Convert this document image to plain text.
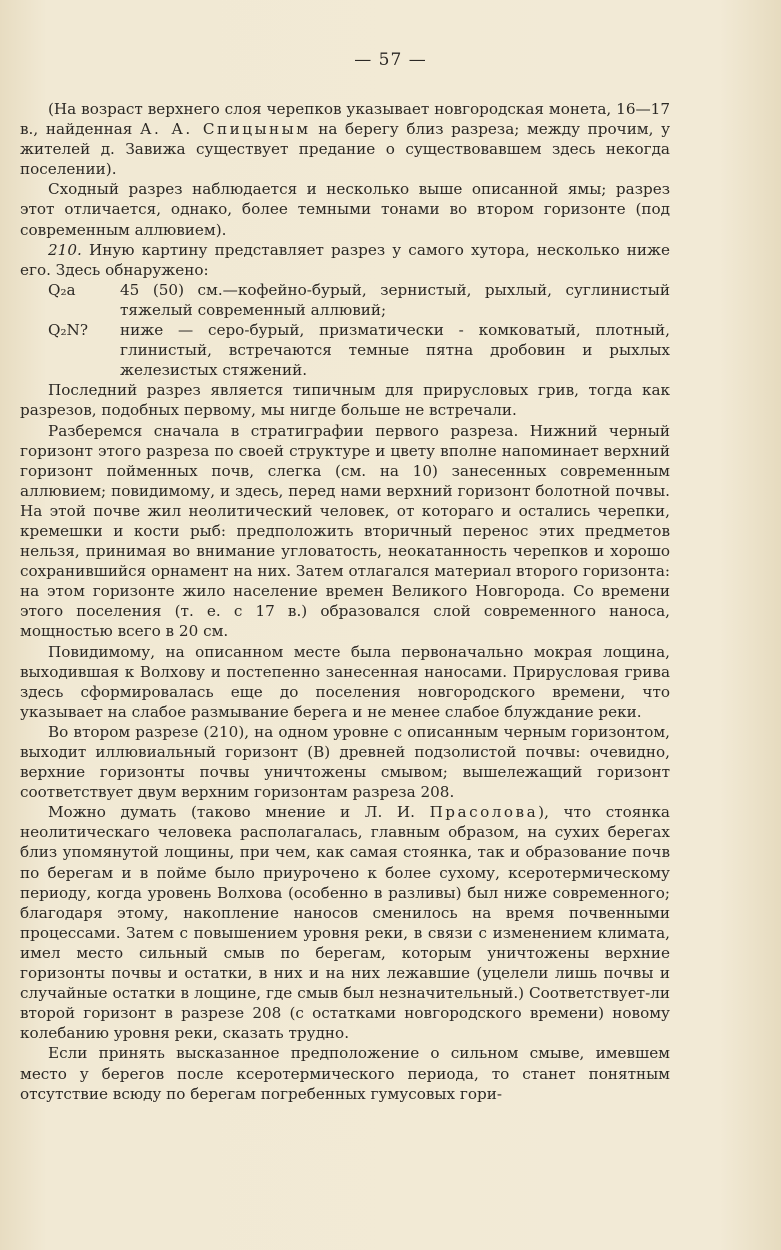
— 57 —

(На возраст верхнего слоя черепков указывает новгородская монета, 16—17 в., найденная А. А. Спицыным на берегу близ разреза; между прочим, у жителей д. Завижа существует предание о существовавшем здесь некогда поселении).

Сходный разрез наблюдается и несколько выше описанной ямы; разрез этот отличается, однако, более темными тонами во втором горизонте (под современным аллювием).

210. Иную картину представляет разрез у самого хутора, несколько ниже его. Здесь обнаружено:

Q₂a	45 (50) см.—кофейно-бурый, зернистый, рыхлый, суглинистый тяжелый современный аллювий;
Q₂N? ниже — серо-бурый, призматически - комковатый, плотный, глинистый, встречаются темные пятна дробовин и рыхлых железистых стяжений.

Последний разрез является типичным для прирусловых грив, тогда как разрезов, подобных первому, мы нигде больше не встречали.

Разберемся сначала в стратиграфии первого разреза. Нижний черный горизонт этого разреза по своей структуре и цвету вполне напоминает верхний горизонт пойменных почв, слегка (см. на 10) занесенных современным аллювием; повидимому, и здесь, перед нами верхний горизонт болотной почвы. На этой почве жил неолитический человек, от котораго и остались черепки, кремешки и кости рыб: предположить вторичный перенос этих предметов нельзя, принимая во внимание угловатость, неокатанность черепков и хорошо сохранившийся орнамент на них. Затем отлагался материал второго горизонта: на этом горизонте жило население времен Великого Новгорода. Со времени этого поселения (т. е. с 17 в.) образовался слой современного наноса, мощностью всего в 20 см.

Повидимому, на описанном месте была первоначально мокрая лощина, выходившая к Волхову и постепенно занесенная наносами. Прирусловая грива здесь сформировалась еще до поселения новгородского времени, что указывает на слабое размывание берега и не менее слабое блуждание реки.

Во втором разрезе (210), на одном уровне с описанным черным горизонтом, выходит иллювиальный горизонт (B) древней подзолистой почвы: очевидно, верхние горизонты почвы уничтожены смывом; вышележащий горизонт соответствует двум верхним горизонтам разреза 208.

Можно думать (таково мнение и Л. И. Прасолова), что стоянка неолитическаго человека располагалась, главным образом, на сухих берегах близ упомянутой лощины, при чем, как самая стоянка, так и образование почв по берегам и в пойме было приурочено к более сухому, ксеротермическому периоду, когда уровень Волхова (особенно в разливы) был ниже современного; благодаря этому, накопление наносов сменилось на время почвенными процессами. Затем с повышением уровня реки, в связи с изменением климата, имел место сильный смыв по берегам, которым уничтожены верхние горизонты почвы и остатки, в них и на них лежавшие (уцелели лишь почвы и случайные остатки в лощине, где смыв был незначительный.) Соответствует-ли второй горизонт в разрезе 208 (с остатками новгородского времени) новому колебанию уровня реки, сказать трудно.

Если принять высказанное предположение о сильном смыве, имевшем место у берегов после ксеротермического периода, то станет понятным отсутствие всюду по берегам погребенных гумусовых гори-
